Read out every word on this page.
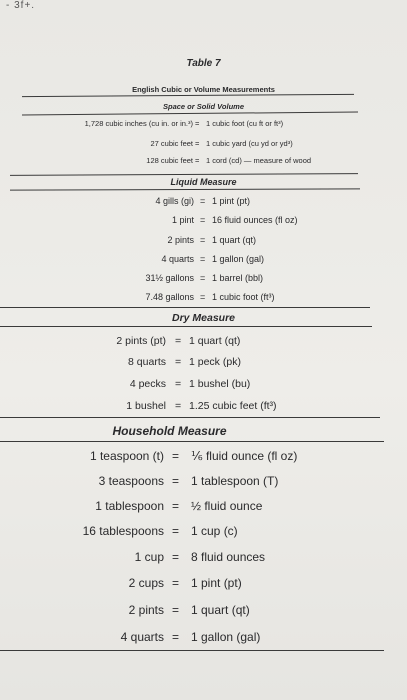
- 3f+.
Table 7
English Cubic or Volume Measurements
Space or Solid Volume
1,728 cubic inches (cu in. or in.³) = 1 cubic foot (cu ft or ft³)
27 cubic feet = 1 cubic yard (cu yd or yd³)
128 cubic feet = 1 cord (cd) — measure of wood
Liquid Measure
4 gills (gi) = 1 pint (pt)
1 pint = 16 fluid ounces (fl oz)
2 pints = 1 quart (qt)
4 quarts = 1 gallon (gal)
31½ gallons = 1 barrel (bbl)
7.48 gallons = 1 cubic foot (ft³)
Dry Measure
2 pints (pt) = 1 quart (qt)
8 quarts = 1 peck (pk)
4 pecks = 1 bushel (bu)
1 bushel = 1.25 cubic feet (ft³)
Household Measure
1 teaspoon (t) = ⅙ fluid ounce (fl oz)
3 teaspoons = 1 tablespoon (T)
1 tablespoon = ½ fluid ounce
16 tablespoons = 1 cup (c)
1 cup = 8 fluid ounces
2 cups = 1 pint (pt)
2 pints = 1 quart (qt)
4 quarts = 1 gallon (gal)
